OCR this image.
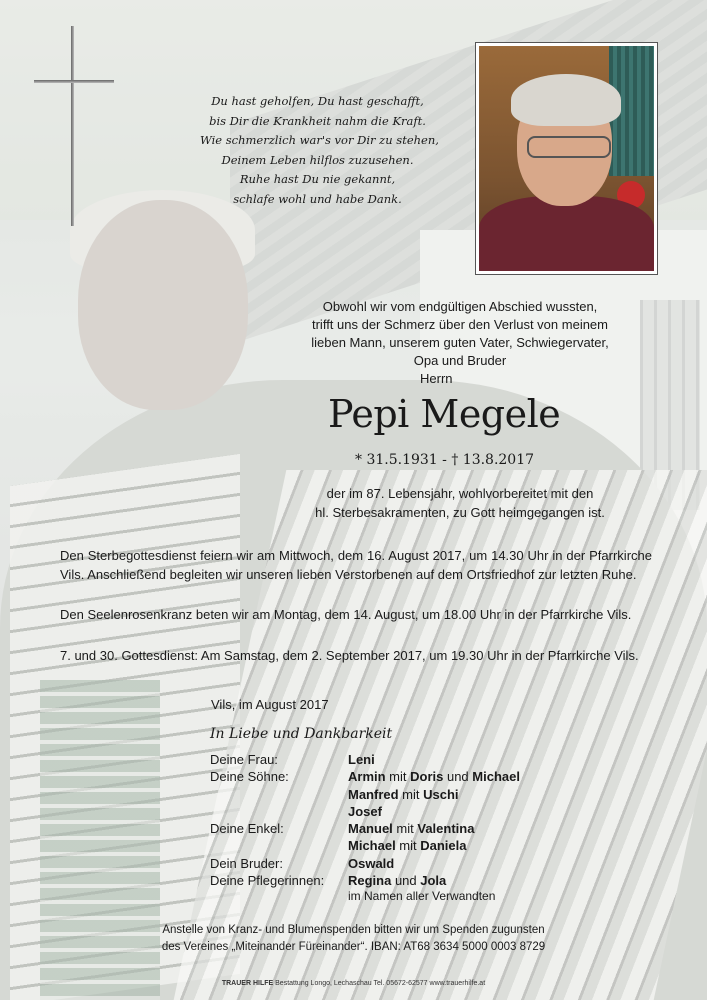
Du hast geholfen, Du hast geschafft,
bis Dir die Krankheit nahm die Kraft.
Wie schmerzlich war's vor Dir zu stehen,
Deinem Leben hilflos zuzusehen.
Ruhe hast Du nie gekannt,
schlafe wohl und habe Dank.
Obwohl wir vom endgültigen Abschied wussten,
trifft uns der Schmerz über den Verlust von meinem
lieben Mann, unserem guten Vater, Schwiegervater,
Opa und Bruder
Herrn
Pepi Megele
* 31.5.1931 - † 13.8.2017
der im 87. Lebensjahr, wohlvorbereitet mit den
hl. Sterbesakramenten, zu Gott heimgegangen ist.
Den Sterbegottesdienst feiern wir am Mittwoch, dem 16. August 2017, um 14.30 Uhr in der Pfarrkirche Vils. Anschließend begleiten wir unseren lieben Verstorbenen auf dem Ortsfriedhof zur letzten Ruhe.
Den Seelenrosenkranz beten wir am Montag, dem 14. August, um 18.00 Uhr in der Pfarrkirche Vils.
7. und 30. Gottesdienst: Am Samstag, dem 2. September 2017, um 19.30 Uhr in der Pfarrkirche Vils.
Vils, im August 2017
In Liebe und Dankbarkeit
Deine Frau:	Leni
Deine Söhne:	Armin mit Doris und Michael
Manfred mit Uschi
Josef
Deine Enkel:	Manuel mit Valentina
Michael mit Daniela
Dein Bruder:	Oswald
Deine Pflegerinnen:	Regina und Jola
im Namen aller Verwandten
Anstelle von Kranz- und Blumenspenden bitten wir um Spenden zugunsten
des Vereines „Miteinander Füreinander“. IBAN: AT68 3634 5000 0003 8729
TRAUER HILFE Bestattung Longo, Lechaschau Tel. 05672-62577 www.trauerhilfe.at
